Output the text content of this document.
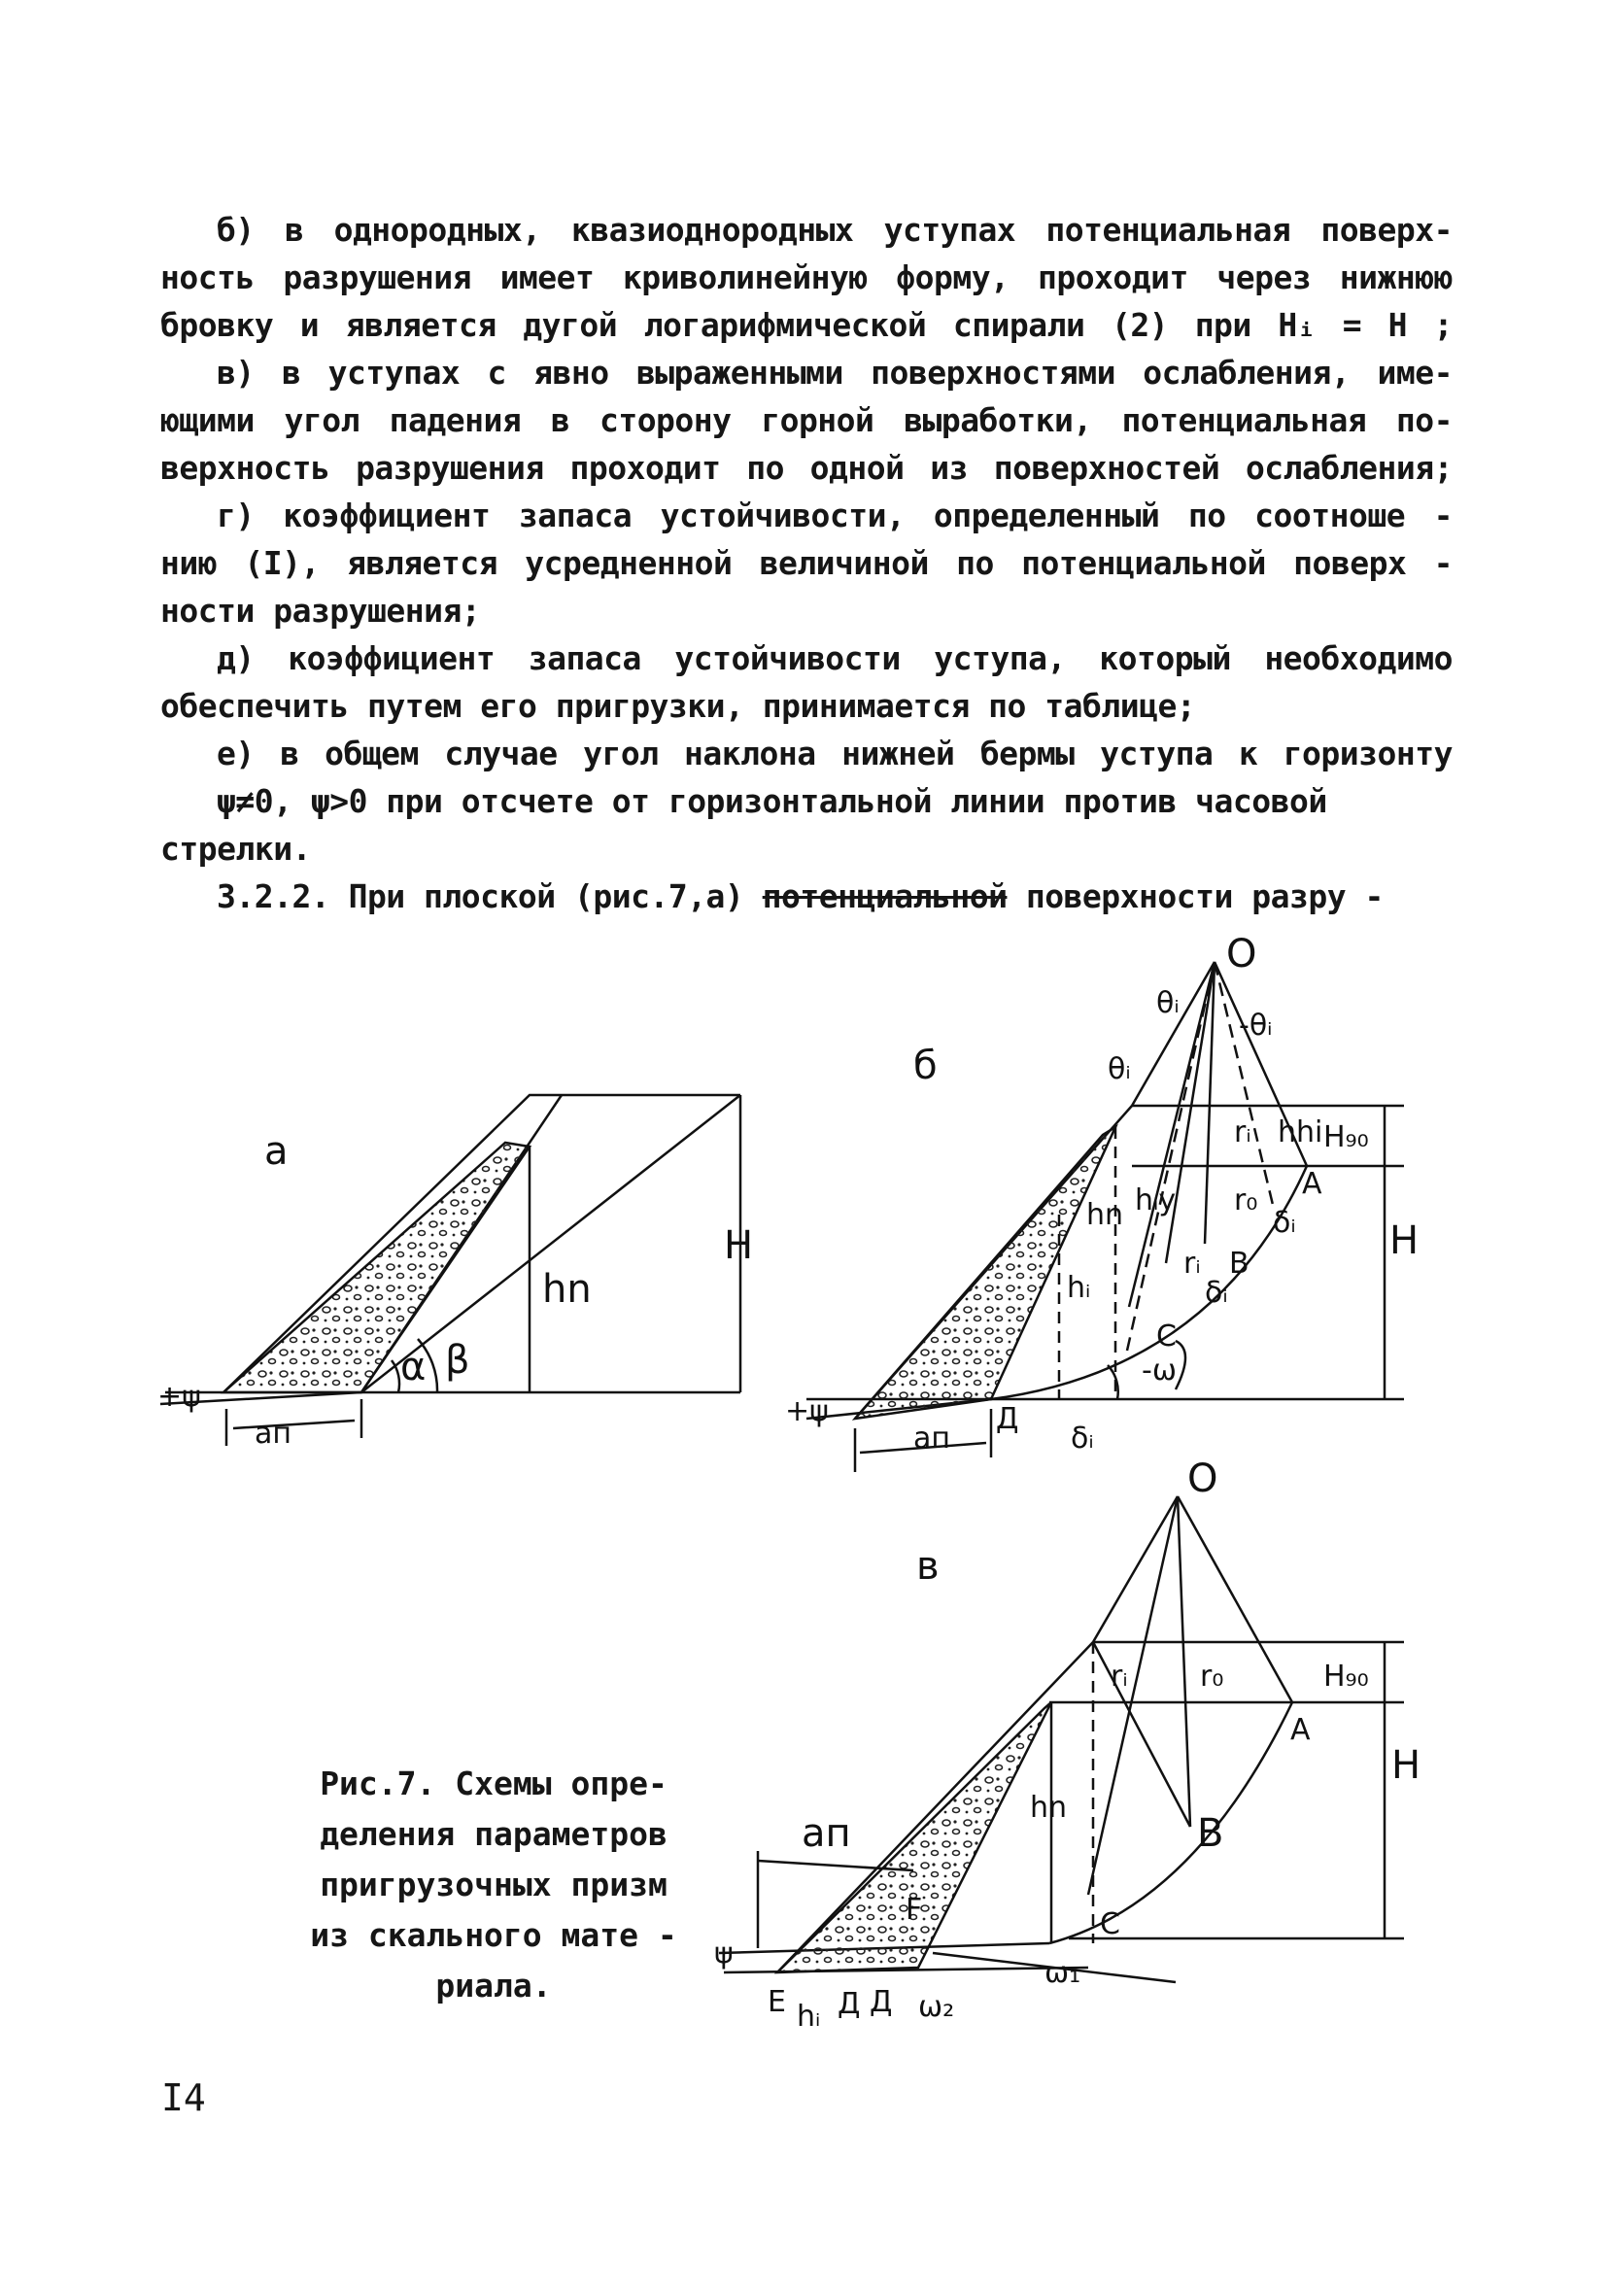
б) в однородных, квазиоднородных уступах потенциальная поверх-
ность разрушения имеет криволинейную форму, проходит через нижнюю
бровку и является дугой логарифмической спирали (2) при Hᵢ = H ;
в) в уступах с явно выраженными поверхностями ослабления, име-
ющими угол падения в сторону горной выработки, потенциальная по-
верхность разрушения проходит по одной из поверхностей ослабления;
г) коэффициент запаса устойчивости, определенный по соотноше -
нию (I), является усредненной величиной по потенциальной поверх -
ности разрушения;
д) коэффициент запаса устойчивости уступа, который необходимо
обеспечить путем его пригрузки, принимается по таблице;
е) в общем случае угол наклона нижней бермы уступа к горизонту
ψ≠0, ψ>0 при отсчете от горизонтальной линии против часовой
стрелки.
3.2.2. При плоской (рис.7,а) потенциальной поверхности разру -
а
α β
H
hn
aп
+ψ
б
O
θᵢ
-θᵢ
θᵢ
H₉₀
H
A
B
C
Д
rᵢ
r₀
rᵢ
hhi
hᵢy
hᵢ
hn	δᵢ
δᵢ
δᵢ
-ω
aп
+ψ
в
O
H₉₀
H
rᵢ r₀
A
B
C
F
E Д Д
hn
aп
ψ
ω₁
ω₂
hᵢ
Рис.7. Схемы опре-
деления параметров
пригрузочных призм
из скального мате -
риала.
I4
